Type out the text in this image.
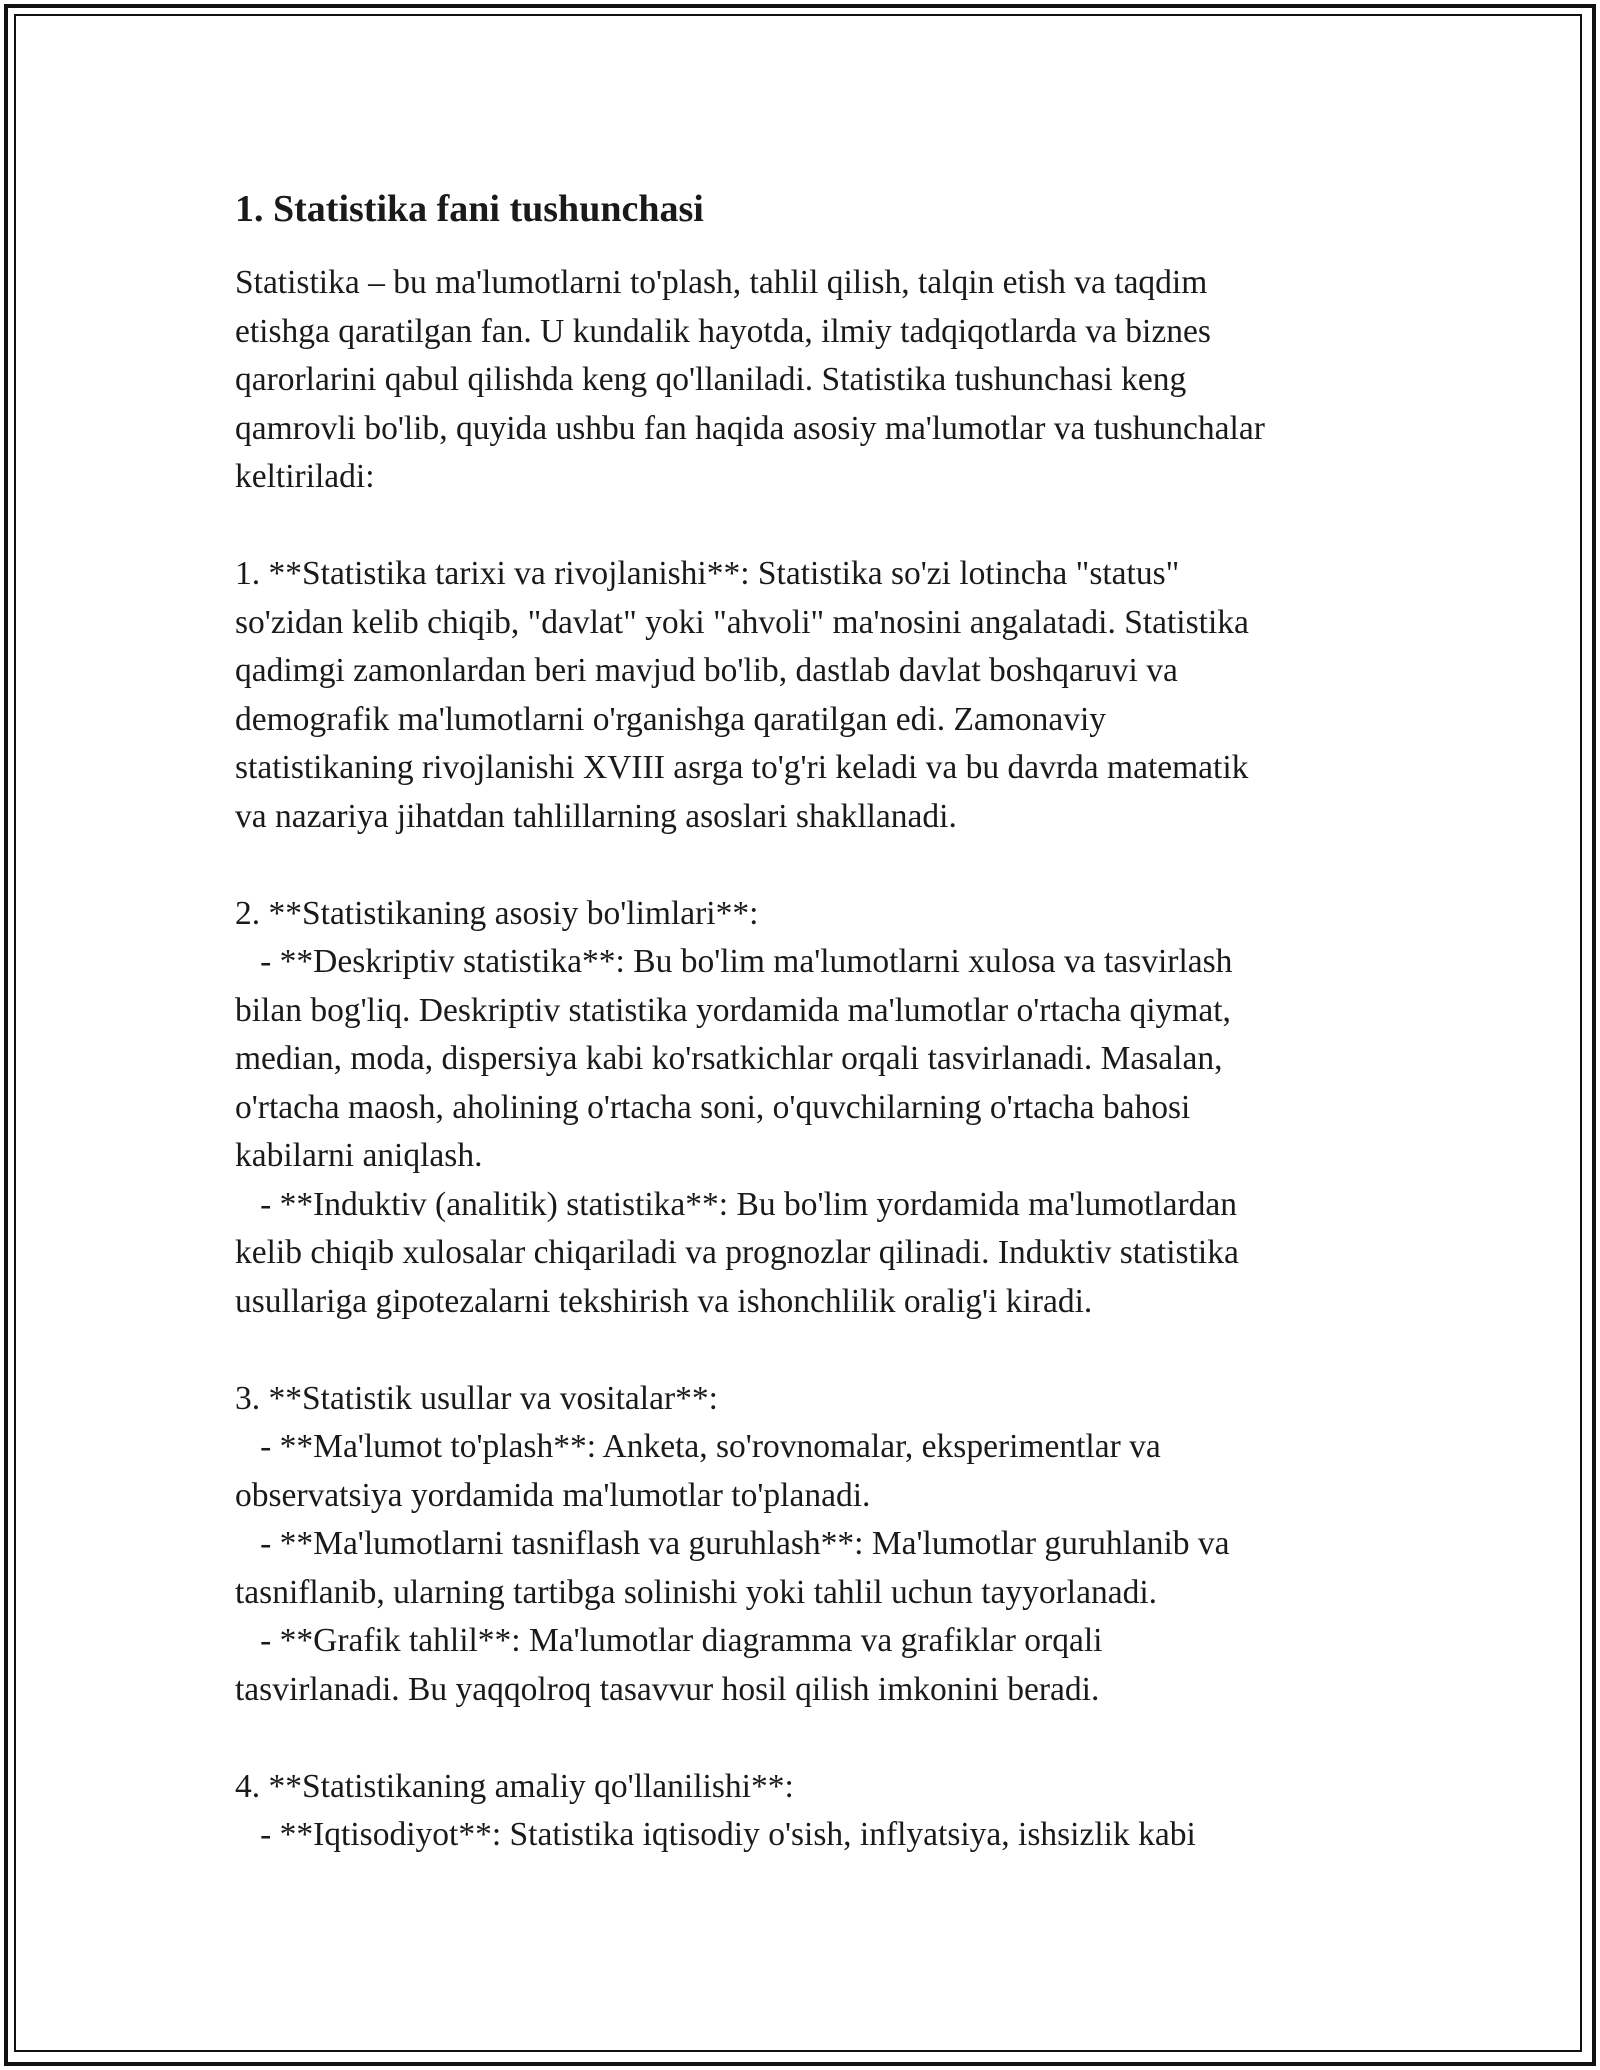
1. Statistika fani tushunchasi

Statistika – bu ma'lumotlarni to'plash, tahlil qilish, talqin etish va taqdim

etishga qaratilgan fan. U kundalik hayotda, ilmiy tadqiqotlarda va biznes

qarorlarini qabul qilishda keng qo'llaniladi. Statistika tushunchasi keng

qamrovli bo'lib, quyida ushbu fan haqida asosiy ma'lumotlar va tushunchalar

keltiriladi:

1. **Statistika tarixi va rivojlanishi**: Statistika so'zi lotincha "status"

so'zidan kelib chiqib, "davlat" yoki "ahvoli" ma'nosini angalatadi. Statistika

qadimgi zamonlardan beri mavjud bo'lib, dastlab davlat boshqaruvi va

demografik ma'lumotlarni o'rganishga qaratilgan edi. Zamonaviy

statistikaning rivojlanishi XVIII asrga to'g'ri keladi va bu davrda matematik

va nazariya jihatdan tahlillarning asoslari shakllanadi.

2. **Statistikaning asosiy bo'limlari**:

- **Deskriptiv statistika**: Bu bo'lim ma'lumotlarni xulosa va tasvirlash

bilan bog'liq. Deskriptiv statistika yordamida ma'lumotlar o'rtacha qiymat,

median, moda, dispersiya kabi ko'rsatkichlar orqali tasvirlanadi. Masalan,

o'rtacha maosh, aholining o'rtacha soni, o'quvchilarning o'rtacha bahosi

kabilarni aniqlash.

- **Induktiv (analitik) statistika**: Bu bo'lim yordamida ma'lumotlardan

kelib chiqib xulosalar chiqariladi va prognozlar qilinadi. Induktiv statistika

usullariga gipotezalarni tekshirish va ishonchlilik oralig'i kiradi.

3. **Statistik usullar va vositalar**:

- **Ma'lumot to'plash**: Anketa, so'rovnomalar, eksperimentlar va

observatsiya yordamida ma'lumotlar to'planadi.

- **Ma'lumotlarni tasniflash va guruhlash**: Ma'lumotlar guruhlanib va

tasniflanib, ularning tartibga solinishi yoki tahlil uchun tayyorlanadi.

- **Grafik tahlil**: Ma'lumotlar diagramma va grafiklar orqali

tasvirlanadi. Bu yaqqolroq tasavvur hosil qilish imkonini beradi.

4. **Statistikaning amaliy qo'llanilishi**:

- **Iqtisodiyot**: Statistika iqtisodiy o'sish, inflyatsiya, ishsizlik kabi
